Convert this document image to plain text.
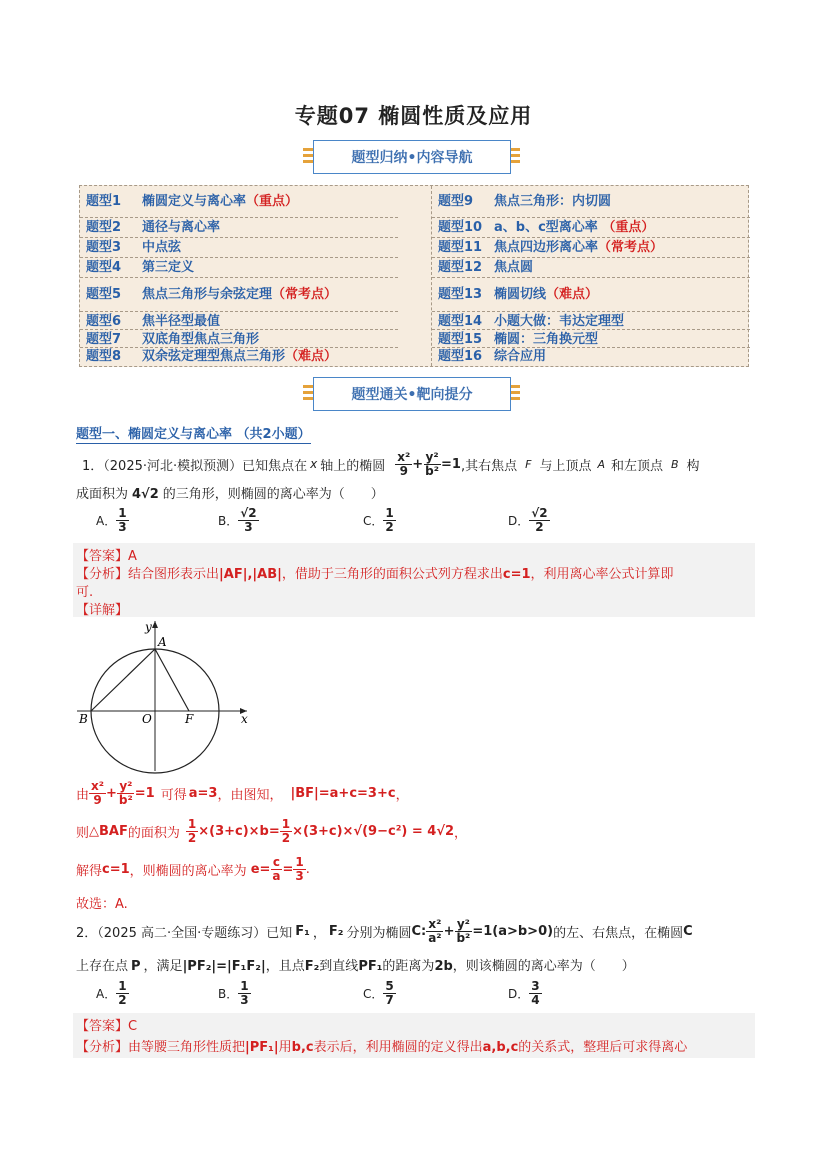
专题07 椭圆性质及应用
题型归纳•内容导航
题型1 椭圆定义与离心率（重点）
题型2 通径与离心率
题型3 中点弦
题型4 第三定义
题型5 焦点三角形与余弦定理（常考点）
题型6 焦半径型最值
题型7 双底角型焦点三角形
题型8 双余弦定理型焦点三角形（难点）
题型9 焦点三角形：内切圆
题型10 a、b、c型离心率 （重点）
题型11 焦点四边形离心率（常考点）
题型12 焦点圆
题型13 椭圆切线（难点）
题型14 小题大做：韦达定理型
题型15 椭圆：三角换元型
题型16 综合应用
题型通关•靶向提分
题型一、椭圆定义与离心率 （共2小题）
1．（2025·河北·模拟预测）已知焦点在 x 轴上的椭圆 $\frac{\text{x²}}{9} + \frac{\text{y²}}{\text{b²}} =1$ ,其右焦点 F 与上顶点 A 和左顶点 B 构
成面积为 4√2 的三角形，则椭圆的离心率为（　　）
A． $\frac{1}{3}$	B． $\frac{√2}{3}$	C． $\frac{1}{2}$	D． $\frac{√2}{2}$
【答案】A
【分析】结合图形表示出|AF|,|AB|，借助于三角形的面积公式列方程求出c=1，利用离心率公式计算即
可.
【详解】
y
x
A
B	O	F
由 $\frac{\text{x²}}{9} + \frac{\text{y²}}{\text{b²}} =1$ 可得 a=3 ，由图知， |BF|=a+c=3+c ，
则 △BAF 的面积为 $\frac{1}{2} \times(3+c)\times b= \frac{1}{2} \times(3+c)\times√(9-c^2) = 4√2$ ，
解得 c=1 ，则椭圆的离心率为 $e= \frac{c}{a} = \frac{1}{3}$ .
故选：A.
2．（2025 高二·全国·专题练习）已知 F₁ ， F₂ 分别为椭圆 C: $\frac{\text{x²}}{\text{a²}} + \frac{\text{y²}}{\text{b²}} =1(a>b>0)$ 的左、右焦点，在椭圆 C
上存在点 P ，满足|PF₂|=|F₁F₂|，且点F₂到直线PF₁的距离为2b，则该椭圆的离心率为（　　）
A． $\frac{1}{2}$	B． $\frac{1}{3}$	C． $\frac{5}{7}$	D． $\frac{3}{4}$
【答案】C
【分析】由等腰三角形性质把|PF₁|用b,c表示后，利用椭圆的定义得出a,b,c的关系式，整理后可求得离心
